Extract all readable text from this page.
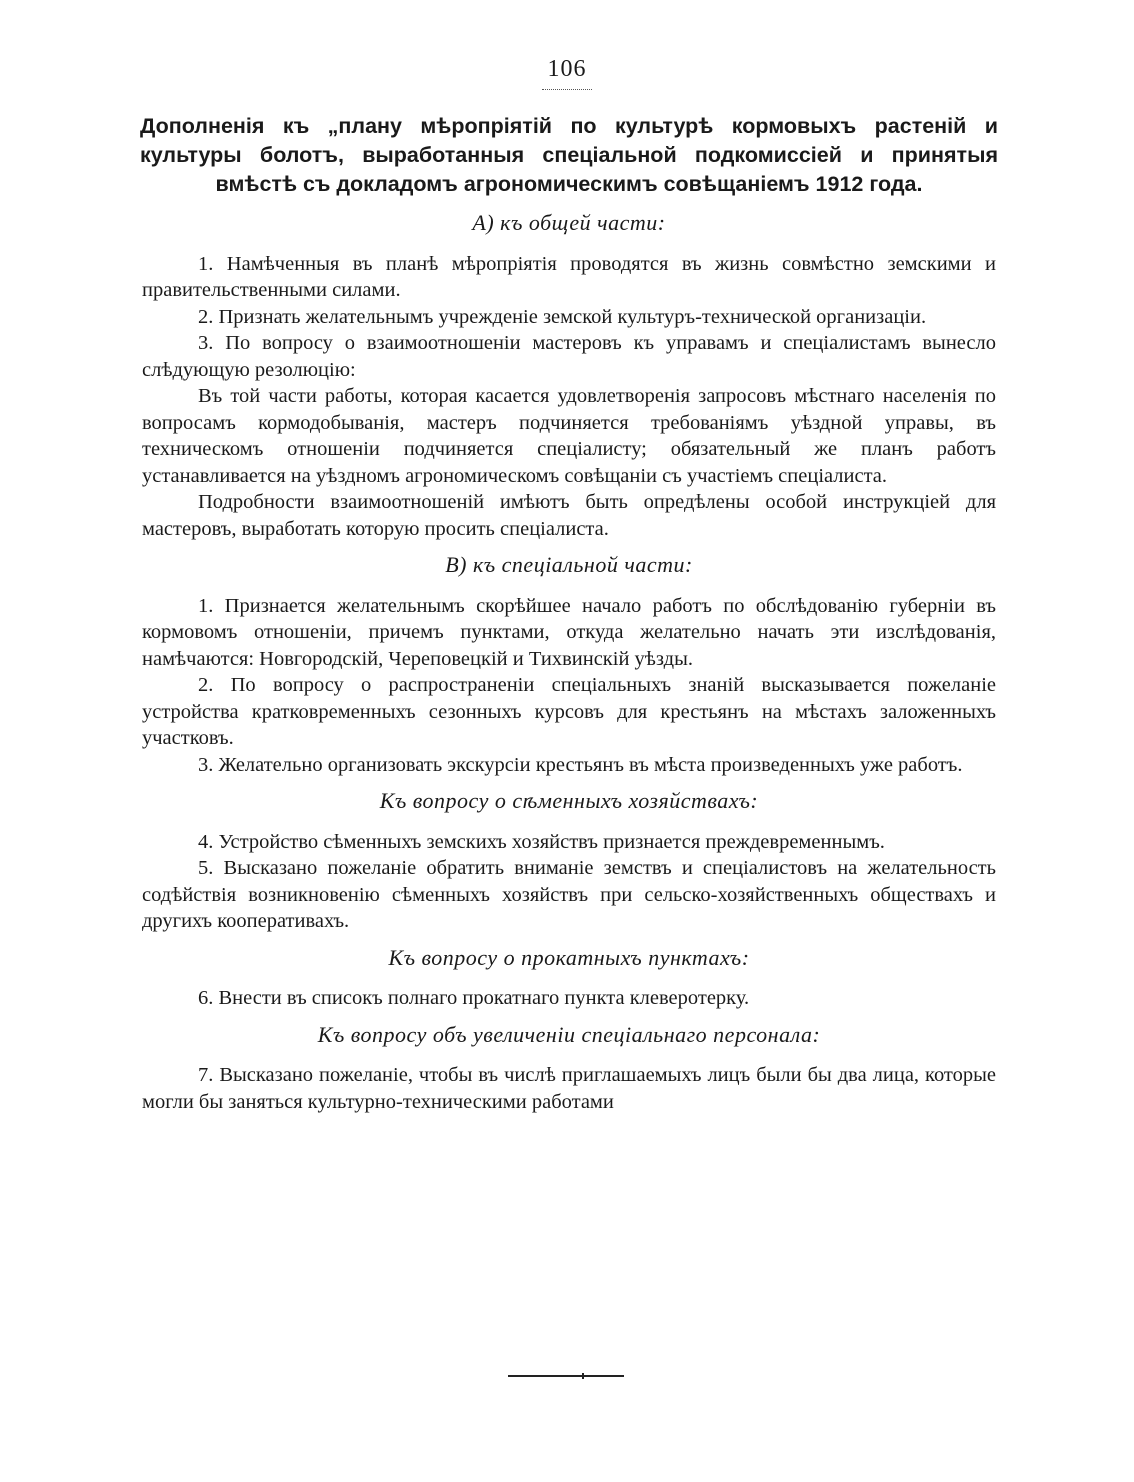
106
Дополненія къ „плану мѣропріятій по культурѣ кормовыхъ растеній и культуры болотъ, выработанныя спеціальной подкомиссіей и принятыя вмѣстѣ съ докладомъ агрономическимъ совѣщаніемъ 1912 года.
А) къ общей части:

1. Намѣченныя въ планѣ мѣропріятія проводятся въ жизнь совмѣстно земскими и правительственными силами.

2. Признать желательнымъ учрежденіе земской культуръ-технической организаціи.

3. По вопросу о взаимоотношеніи мастеровъ къ управамъ и спеціалистамъ вынесло слѣдующую резолюцію:

Въ той части работы, которая касается удовлетворенія запросовъ мѣстнаго населенія по вопросамъ кормодобыванія, мастеръ подчиняется требованіямъ уѣздной управы, въ техническомъ отношеніи подчиняется спеціалисту; обязательный же планъ работъ устанавливается на уѣздномъ агрономическомъ совѣщаніи съ участіемъ спеціалиста.

Подробности взаимоотношеній имѣютъ быть опредѣлены особой инструкціей для мастеровъ, выработать которую просить спеціалиста.

В) къ спеціальной части:

1. Признается желательнымъ скорѣйшее начало работъ по обслѣдованію губерніи въ кормовомъ отношеніи, причемъ пунктами, откуда желательно начать эти изслѣдованія, намѣчаются: Новгородскій, Череповецкій и Тихвинскій уѣзды.

2. По вопросу о распространеніи спеціальныхъ знаній высказывается пожеланіе устройства кратковременныхъ сезонныхъ курсовъ для крестьянъ на мѣстахъ заложенныхъ участковъ.

3. Желательно организовать экскурсіи крестьянъ въ мѣста произведенныхъ уже работъ.

Къ вопросу о сѣменныхъ хозяйствахъ:

4. Устройство сѣменныхъ земскихъ хозяйствъ признается преждевременнымъ.

5. Высказано пожеланіе обратить вниманіе земствъ и спеціалистовъ на желательность содѣйствія возникновенію сѣменныхъ хозяйствъ при сельско-хозяйственныхъ обществахъ и другихъ кооперативахъ.

Къ вопросу о прокатныхъ пунктахъ:

6. Внести въ списокъ полнаго прокатнаго пункта клеверотерку.

Къ вопросу объ увеличеніи спеціальнаго персонала:

7. Высказано пожеланіе, чтобы въ числѣ приглашаемыхъ лицъ были бы два лица, которые могли бы заняться культурно-техническими работами
